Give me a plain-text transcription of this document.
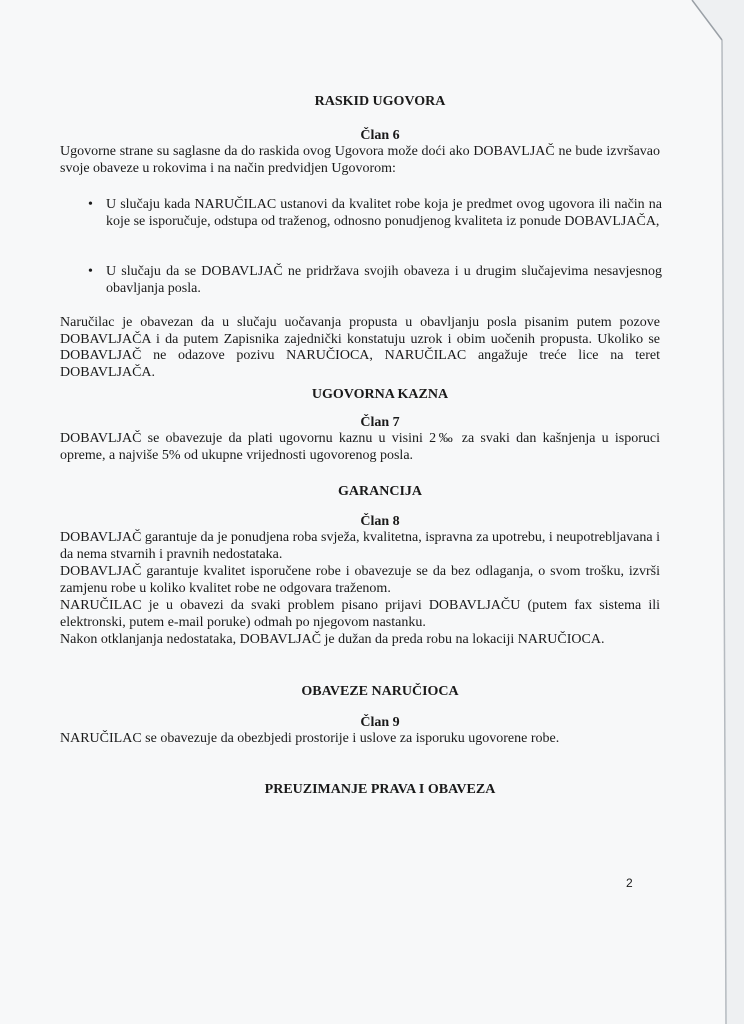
RASKID UGOVORA
Član 6
Ugovorne strane su saglasne da do raskida ovog Ugovora može doći ako DOBAVLJAČ ne bude izvršavao svoje obaveze u rokovima i na način predvidjen Ugovorom:
• U slučaju kada NARUČILAC ustanovi da kvalitet robe koja je predmet ovog ugovora ili način na koje se isporučuje, odstupa od traženog, odnosno ponudjenog kvaliteta iz ponude DOBAVLJAČA,
• U slučaju da se DOBAVLJAČ ne pridržava svojih obaveza i u drugim slučajevima nesavjesnog obavljanja posla.
Naručilac je obavezan da u slučaju uočavanja propusta u obavljanju posla pisanim putem pozove DOBAVLJAČA i da putem Zapisnika zajednički konstatuju uzrok i obim uočenih propusta. Ukoliko se DOBAVLJAČ ne odazove pozivu NARUČIOCA, NARUČILAC angažuje treće lice na teret DOBAVLJAČA.
UGOVORNA KAZNA
Član 7
DOBAVLJAČ se obavezuje da plati ugovornu kaznu u visini 2‰ za svaki dan kašnjenja u isporuci opreme, a najviše 5% od ukupne vrijednosti ugovorenog posla.
GARANCIJA
Član 8
DOBAVLJAČ garantuje da je ponudjena roba svježa, kvalitetna, ispravna za upotrebu, i neupotrebljavana i da nema stvarnih i pravnih nedostataka.
DOBAVLJAČ garantuje kvalitet isporučene robe i obavezuje se da bez odlaganja, o svom trošku, izvrši zamjenu robe u koliko kvalitet robe ne odgovara traženom.
NARUČILAC je u obavezi da svaki problem pisano prijavi DOBAVLJAČU (putem fax sistema ili elektronski, putem e-mail poruke) odmah po njegovom nastanku.
Nakon otklanjanja nedostataka, DOBAVLJAČ je dužan da preda robu na lokaciji NARUČIOCA.
OBAVEZE NARUČIOCA
Član 9
NARUČILAC se obavezuje da obezbjedi prostorije i uslove za isporuku ugovorene robe.
PREUZIMANJE PRAVA I OBAVEZA
2
